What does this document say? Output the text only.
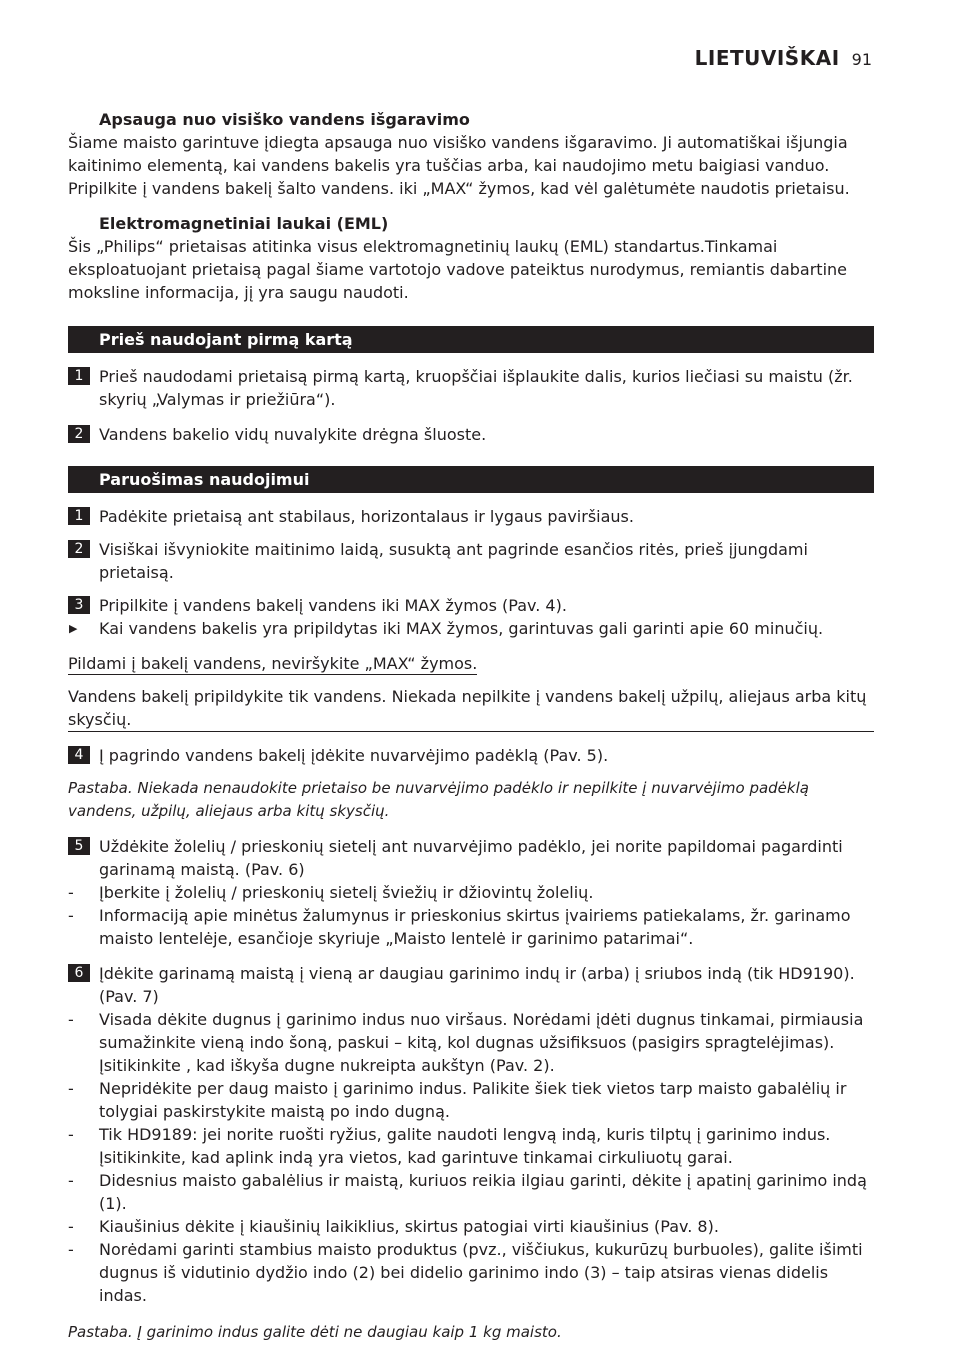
LIETUVIŠKAI 91

Apsauga nuo visiško vandens išgaravimo

Šiame maisto garintuve įdiegta apsauga nuo visiško vandens išgaravimo. Ji automatiškai išjungia kaitinimo elementą, kai vandens bakelis yra tuščias arba, kai naudojimo metu baigiasi vanduo. Pripilkite į vandens bakelį šalto vandens. iki „MAX“ žymos, kad vėl galėtumėte naudotis prietaisu.

Elektromagnetiniai laukai (EML)

Šis „Philips“ prietaisas atitinka visus elektromagnetinių laukų (EML) standartus.Tinkamai eksploatuojant prietaisą pagal šiame vartotojo vadove pateiktus nurodymus, remiantis dabartine moksline informacija, jį yra saugu naudoti.

Prieš naudojant pirmą kartą
1 Prieš naudodami prietaisą pirmą kartą, kruopščiai išplaukite dalis, kurios liečiasi su maistu (žr. skyrių „Valymas ir priežiūra“).
2 Vandens bakelio vidų nuvalykite drėgna šluoste.
Paruošimas naudojimui
1 Padėkite prietaisą ant stabilaus, horizontalaus ir lygaus paviršiaus.
2 Visiškai išvyniokite maitinimo laidą, susuktą ant pagrinde esančios ritės, prieš įjungdami prietaisą.
3 Pripilkite į vandens bakelį vandens iki MAX žymos (Pav. 4).
▶	Kai vandens bakelis yra pripildytas iki MAX žymos, garintuvas gali garinti apie 60 minučių.

Pildami į bakelį vandens, neviršykite „MAX“ žymos.

Vandens bakelį pripildykite tik vandens. Niekada nepilkite į vandens bakelį užpilų, aliejaus arba kitų skysčių.

4 Į pagrindo vandens bakelį įdėkite nuvarvėjimo padėklą (Pav. 5).

Pastaba. Niekada nenaudokite prietaiso be nuvarvėjimo padėklo ir nepilkite į nuvarvėjimo padėklą vandens, užpilų, aliejaus arba kitų skysčių.

5 Uždėkite žolelių / prieskonių sietelį ant nuvarvėjimo padėklo, jei norite papildomai pagardinti garinamą maistą. (Pav. 6)
-	Įberkite į žolelių / prieskonių sietelį šviežių ir džiovintų žolelių.
-	Informaciją apie minėtus žalumynus ir prieskonius skirtus įvairiems patiekalams, žr. garinamo maisto lentelėje, esančioje skyriuje „Maisto lentelė ir garinimo patarimai“.
6 Įdėkite garinamą maistą į vieną ar daugiau garinimo indų ir (arba) į sriubos indą (tik HD9190). (Pav. 7)
-	Visada dėkite dugnus į garinimo indus nuo viršaus. Norėdami įdėti dugnus tinkamai, pirmiausia sumažinkite vieną indo šoną, paskui – kitą, kol dugnas užsifiksuos (pasigirs spragtelėjimas). Įsitikinkite , kad iškyša dugne nukreipta aukštyn (Pav. 2).
-	Nepridėkite per daug maisto į garinimo indus. Palikite šiek tiek vietos tarp maisto gabalėlių ir tolygiai paskirstykite maistą po indo dugną.
-	Tik HD9189: jei norite ruošti ryžius, galite naudoti lengvą indą, kuris tilptų į garinimo indus. Įsitikinkite, kad aplink indą yra vietos, kad garintuve tinkamai cirkuliuotų garai.
-	Didesnius maisto gabalėlius ir maistą, kuriuos reikia ilgiau garinti, dėkite į apatinį garinimo indą (1).
-	Kiaušinius dėkite į kiaušinių laikiklius, skirtus patogiai virti kiaušinius (Pav. 8).
-	Norėdami garinti stambius maisto produktus (pvz., viščiukus, kukurūzų burbuoles), galite išimti dugnus iš vidutinio dydžio indo (2) bei didelio garinimo indo (3) – taip atsiras vienas didelis indas.

Pastaba. Į garinimo indus galite dėti ne daugiau kaip 1 kg maisto.
